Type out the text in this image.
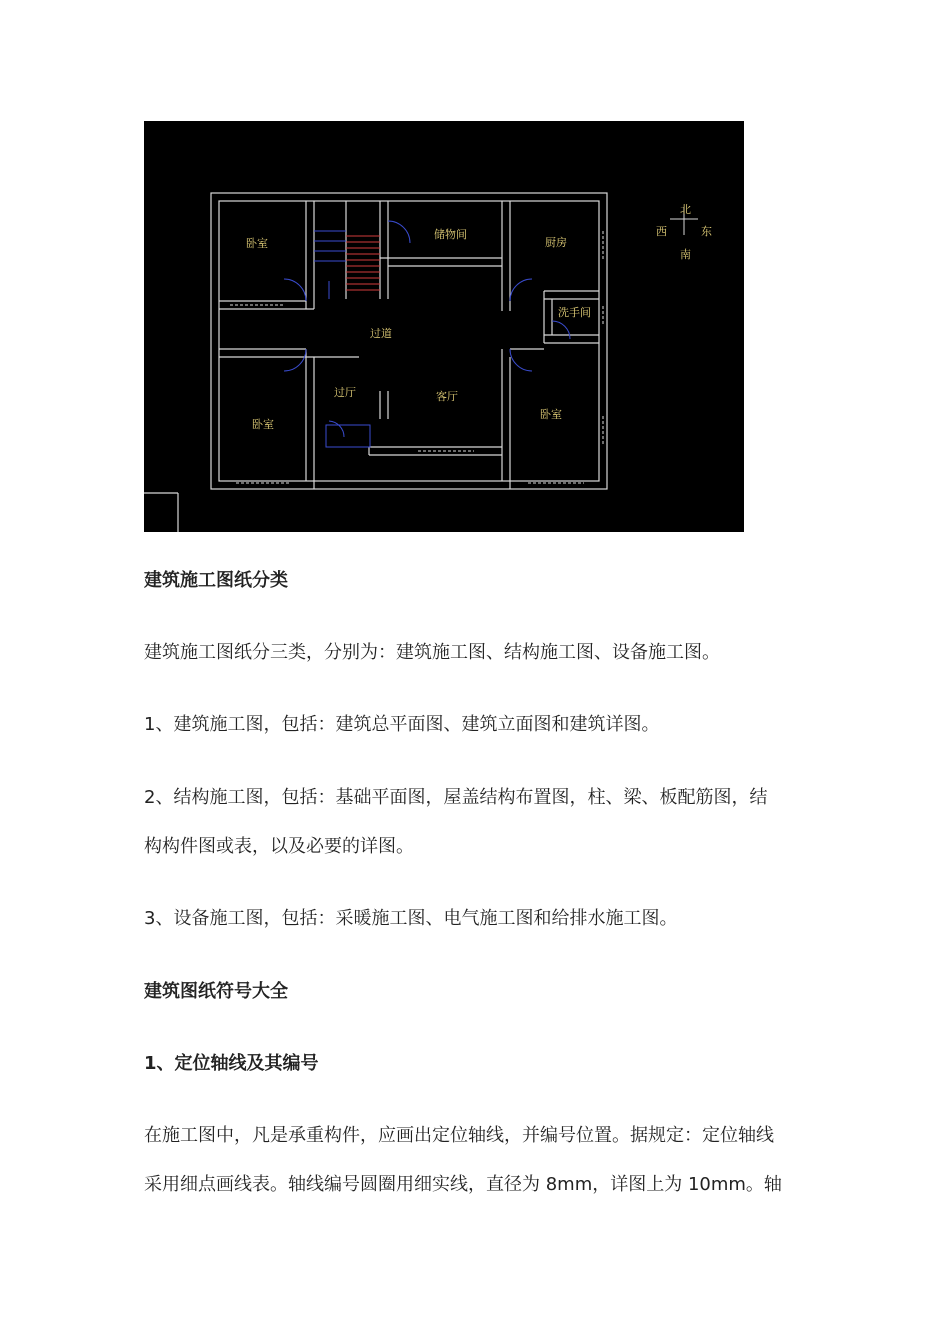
北
南
东
西
卧室
储物间
厨房
洗手间
过道
过厅	客厅
卧室
卧室
建筑施工图纸分类
建筑施工图纸分三类，分别为：建筑施工图、结构施工图、设备施工图。
1、建筑施工图，包括：建筑总平面图、建筑立面图和建筑详图。
2、结构施工图，包括：基础平面图，屋盖结构布置图，柱、梁、板配筋图，结
构构件图或表，以及必要的详图。
3、设备施工图，包括：采暖施工图、电气施工图和给排水施工图。
建筑图纸符号大全
1、定位轴线及其编号
在施工图中，凡是承重构件，应画出定位轴线，并编号位置。据规定：定位轴线
采用细点画线表。轴线编号圆圈用细实线，直径为 8mm，详图上为 10mm。轴
